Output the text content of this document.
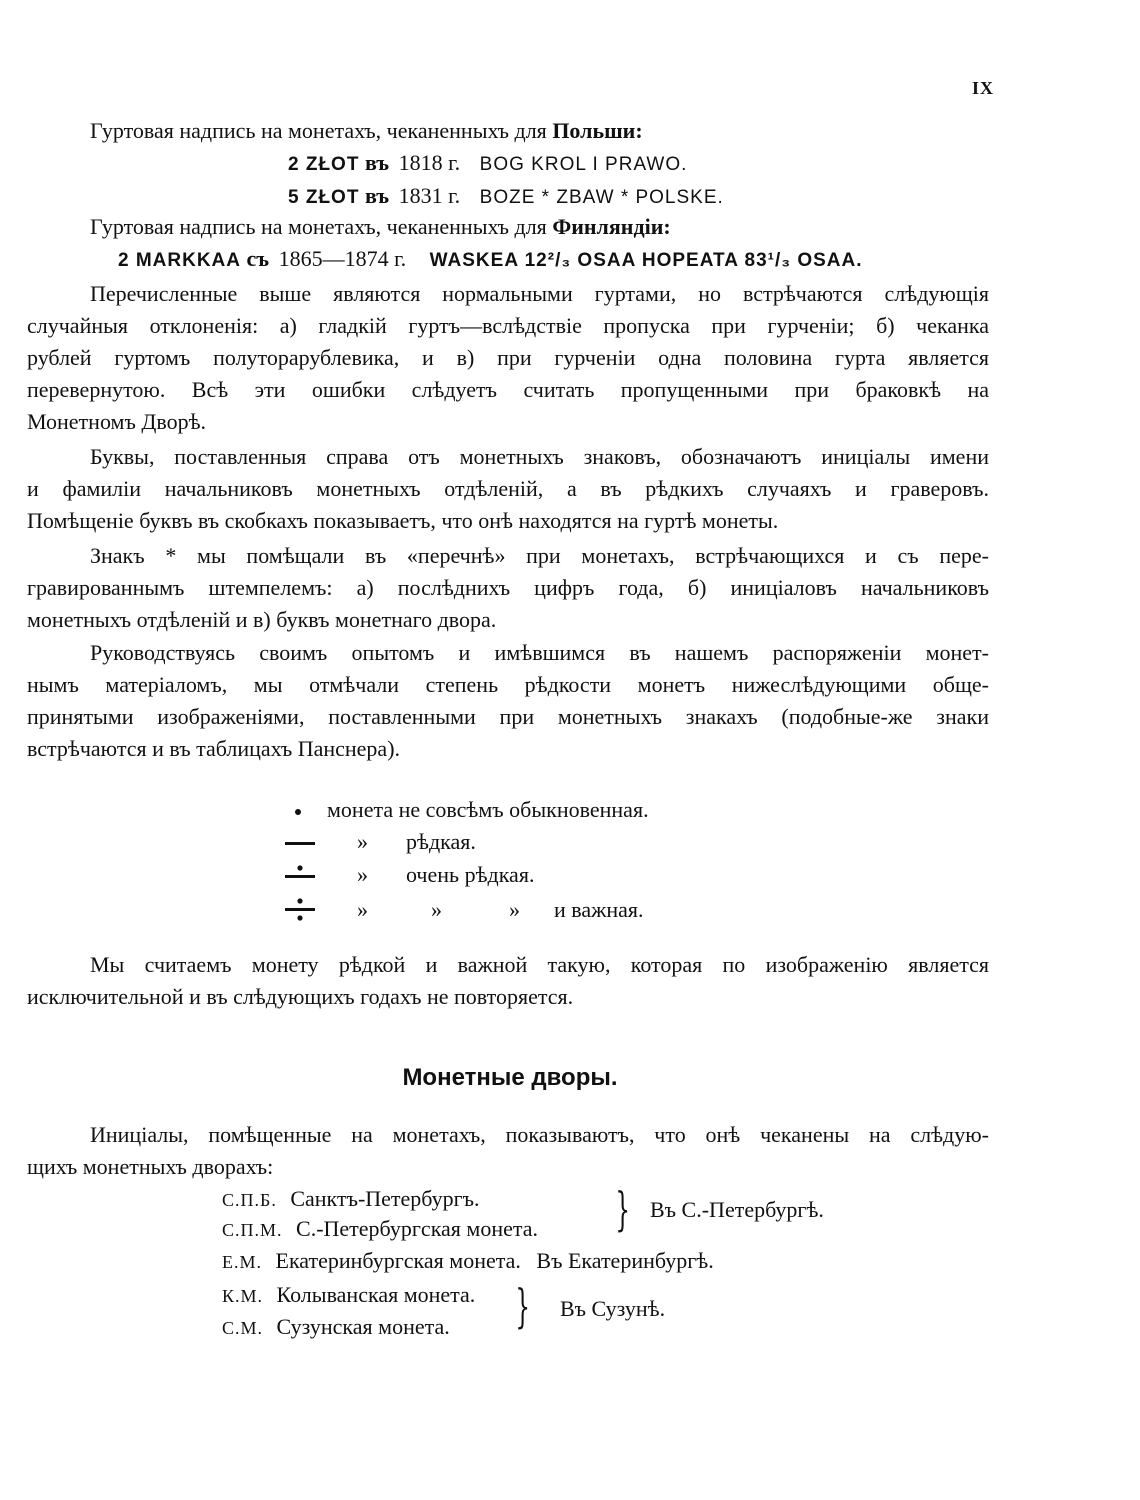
IX
Гуртовая надпись на монетахъ, чеканенныхъ для Польши:
2 ZŁOT въ 1818 г. BOG KROL I PRAWO.
5 ZŁOT въ 1831 г. BOZE * ZBAW * POLSKE.
Гуртовая надпись на монетахъ, чеканенныхъ для Финляндіи:
2 MARKKAA съ 1865—1874 г. WASKEA 12²/₃ OSAA HOPEATA 83¹/₃ OSAA.
Перечисленные выше являются нормальными гуртами, но встрѣчаются слѣдующія
случайныя отклоненія: а) гладкій гуртъ—вслѣдствіе пропуска при гурченіи; б) чеканка
рублей гуртомъ полуторарублевика, и в) при гурченіи одна половина гурта является
перевернутою. Всѣ эти ошибки слѣдуетъ считать пропущенными при браковкѣ на
Монетномъ Дворѣ.
Буквы, поставленныя справа отъ монетныхъ знаковъ, обозначаютъ иниціалы имени
и фамиліи начальниковъ монетныхъ отдѣленій, а въ рѣдкихъ случаяхъ и граверовъ.
Помѣщеніе буквъ въ скобкахъ показываетъ, что онѣ находятся на гуртѣ монеты.
Знакъ * мы помѣщали въ «перечнѣ» при монетахъ, встрѣчающихся и съ пере-
гравированнымъ штемпелемъ: а) послѣднихъ цифръ года, б) иниціаловъ начальниковъ
монетныхъ отдѣленій и в) буквъ монетнаго двора.
Руководствуясь своимъ опытомъ и имѣвшимся въ нашемъ распоряженіи монет-
нымъ матеріаломъ, мы отмѣчали степень рѣдкости монетъ нижеслѣдующими обще-
принятыми изображеніями, поставленными при монетныхъ знакахъ (подобные-же знаки
встрѣчаются и въ таблицахъ Панснера).
монета не совсѣмъ обыкновенная.
» рѣдкая.
» очень рѣдкая.
»	»	» и важная.
Мы считаемъ монету рѣдкой и важной такую, которая по изображенію является
исключительной и въ слѣдующихъ годахъ не повторяется.
Монетные дворы.
Иниціалы, помѣщенные на монетахъ, показываютъ, что онѣ чеканены на слѣдую-
щихъ монетныхъ дворахъ:
С.П.Б. Санктъ-Петербургъ.
С.П.М. С.-Петербургская монета. } Въ С.-Петербургѣ.
Е.М. Екатеринбургская монета. Въ Екатеринбургѣ.
К.М. Колыванская монета.
С.М. Сузунская монета. } Въ Сузунѣ.
